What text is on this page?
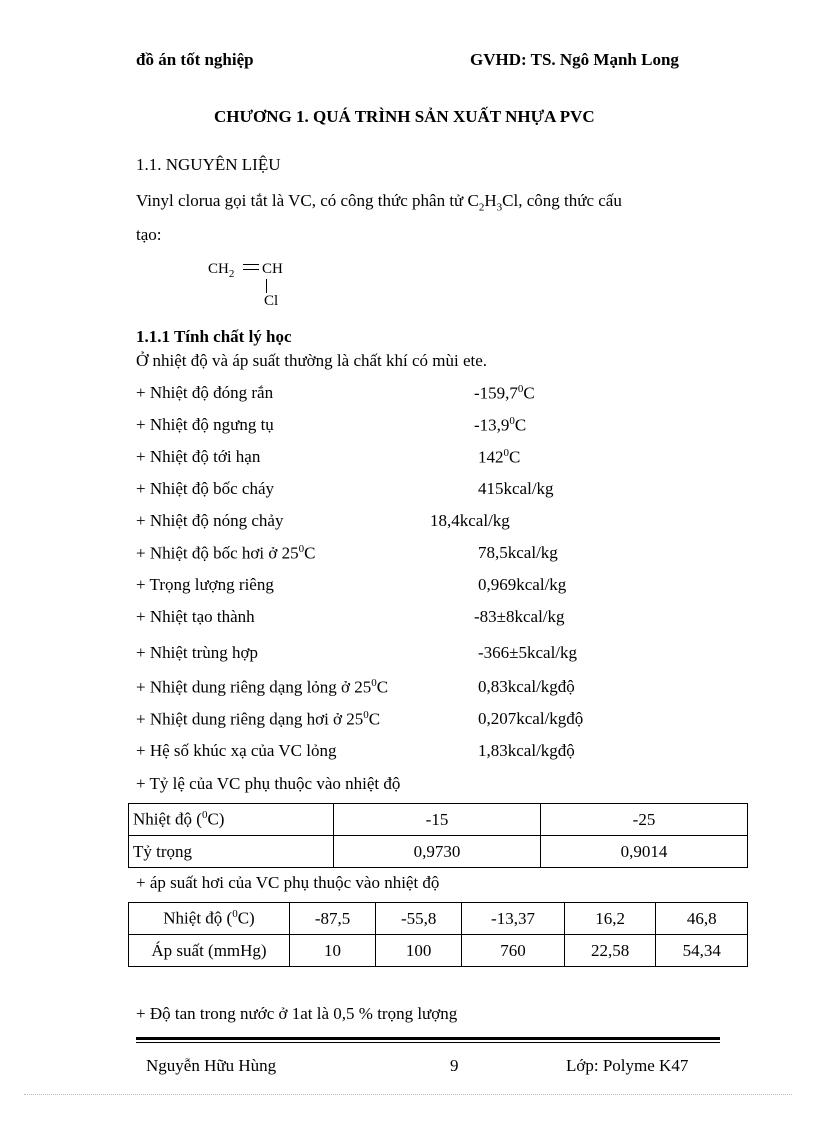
đồ án tốt nghiệp	GVHD: TS. Ngô Mạnh Long
CHƯƠNG 1. QUÁ TRÌNH SẢN XUẤT NHỰA PVC
1.1. NGUYÊN LIỆU
Vinyl clorua gọi tắt là VC, có công thức phân tử $C_2H_3Cl$, công thức cấu
tạo:
$CH_2$ CH
Cl
1.1.1 Tính chất lý học
Ở nhiệt độ và áp suất thường là chất khí có mùi ete.
+ Nhiệt độ đóng rắn	$-159,7^0C$
+ Nhiệt độ ngưng tụ	$-13,9^0C$
+ Nhiệt độ tới hạn	$142^0C$
+ Nhiệt độ bốc cháy	415kcal/kg
+ Nhiệt độ nóng chảy	18,4kcal/kg
+ Nhiệt độ bốc hơi ở $25^0C$	78,5kcal/kg
+ Trọng lượng riêng	0,969kcal/kg
+ Nhiệt tạo thành	-83±8kcal/kg
+ Nhiệt trùng hợp	-366±5kcal/kg
+ Nhiệt dung riêng dạng lỏng ở $25^0C$	0,83kcal/kgđộ
+ Nhiệt dung riêng dạng hơi ở $25^0C$	0,207kcal/kgđộ
+ Hệ số khúc xạ của VC lỏng	1,83kcal/kgđộ
+ Tỷ lệ của VC phụ thuộc vào nhiệt độ
Nhiệt độ ($^0$C)	-15	-25
Tỷ trọng	0,9730	0,9014
+ áp suất hơi của VC phụ thuộc vào nhiệt độ
Nhiệt độ ($^0$C)	-87,5	-55,8	-13,37	16,2	46,8
Áp suất (mmHg)	10	100	760	22,58	54,34
+ Độ tan trong nước ở 1at là 0,5 % trọng lượng
Nguyễn Hữu Hùng	9	Lớp: Polyme K47
